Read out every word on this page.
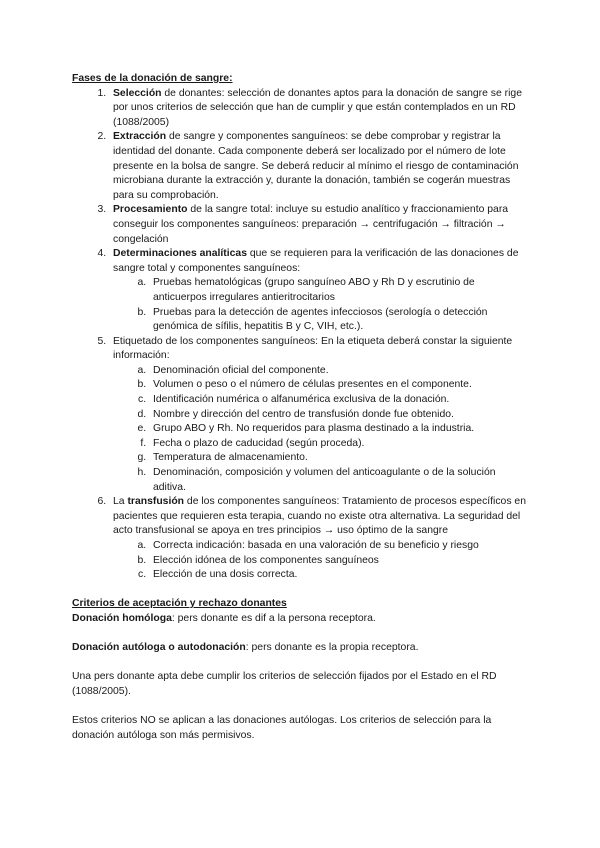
Fases de la donación de sangre:

1. Selección de donantes: selección de donantes aptos para la donación de sangre se rige por unos criterios de selección que han de cumplir y que están contemplados en un RD (1088/2005)
2. Extracción de sangre y componentes sanguíneos: se debe comprobar y registrar la identidad del donante. Cada componente deberá ser localizado por el número de lote presente en la bolsa de sangre. Se deberá reducir al mínimo el riesgo de contaminación microbiana durante la extracción y, durante la donación, también se cogerán muestras para su comprobación.
3. Procesamiento de la sangre total: incluye su estudio analítico y fraccionamiento para conseguir los componentes sanguíneos: preparación → centrifugación → filtración → congelación
4. Determinaciones analíticas que se requieren para la verificación de las donaciones de sangre total y componentes sanguíneos:
a. Pruebas hematológicas (grupo sanguíneo ABO y Rh D y escrutinio de anticuerpos irregulares antieritrocitarios
b. Pruebas para la detección de agentes infecciosos (serología o detección genómica de sífilis, hepatitis B y C, VIH, etc.).
5. Etiquetado de los componentes sanguíneos: En la etiqueta deberá constar la siguiente información:
a. Denominación oficial del componente.
b. Volumen o peso o el número de células presentes en el componente.
c. Identificación numérica o alfanumérica exclusiva de la donación.
d. Nombre y dirección del centro de transfusión donde fue obtenido.
e. Grupo ABO y Rh. No requeridos para plasma destinado a la industria.
f. Fecha o plazo de caducidad (según proceda).
g. Temperatura de almacenamiento.
h. Denominación, composición y volumen del anticoagulante o de la solución aditiva.
6. La transfusión de los componentes sanguíneos: Tratamiento de procesos específicos en pacientes que requieren esta terapia, cuando no existe otra alternativa. La seguridad del acto transfusional se apoya en tres principios → uso óptimo de la sangre
a. Correcta indicación: basada en una valoración de su beneficio y riesgo
b. Elección idónea de los componentes sanguíneos
c. Elección de una dosis correcta.

Criterios de aceptación y rechazo donantes

Donación homóloga: pers donante es dif a la persona receptora.

Donación autóloga o autodonación: pers donante es la propia receptora.

Una pers donante apta debe cumplir los criterios de selección fijados por el Estado en el RD (1088/2005).

Estos criterios NO se aplican a las donaciones autólogas. Los criterios de selección para la donación autóloga son más permisivos.
